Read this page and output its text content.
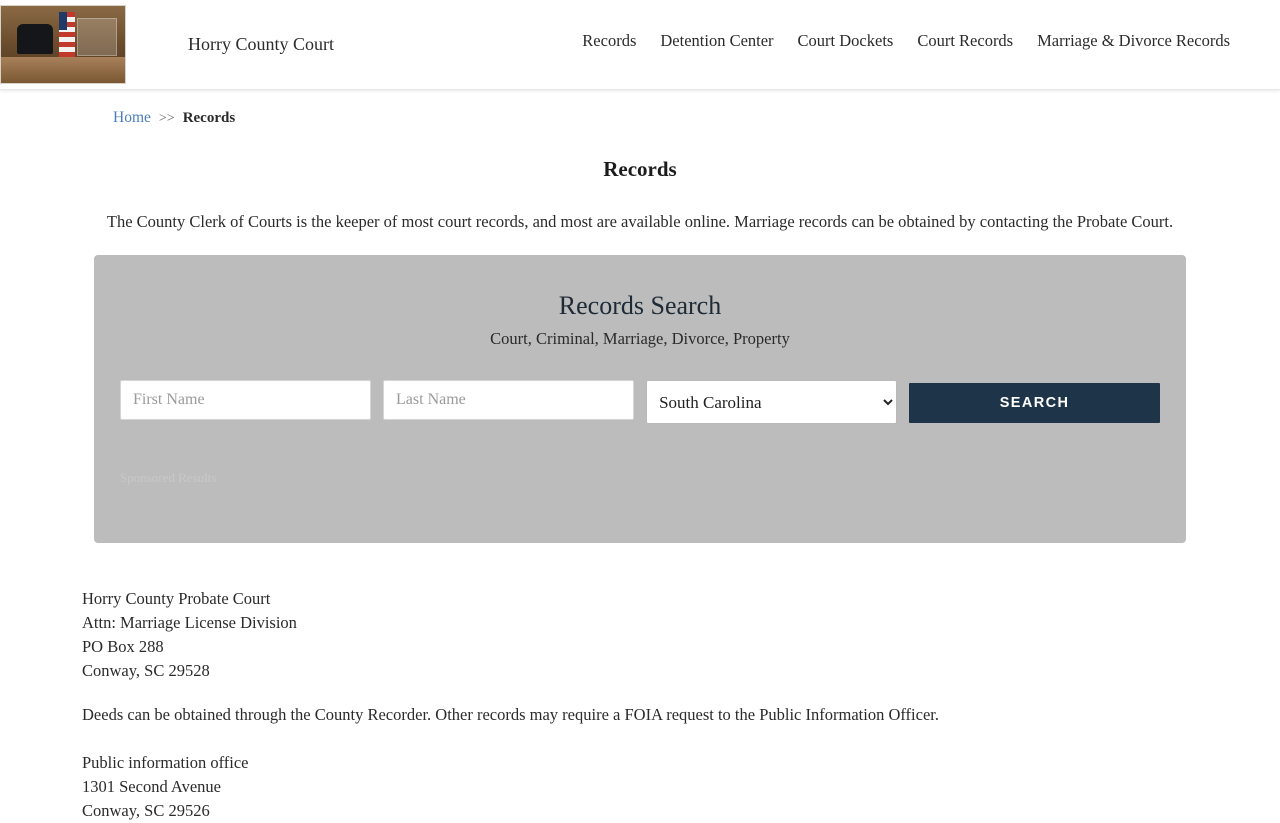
Horry County Court	Records Detention Center Court Dockets Court Records Marriage & Divorce Records
Home >> Records
Records

The County Clerk of Courts is the keeper of most court records, and most are available online. Marriage records can be obtained by contacting the Probate Court.

Records Search
Court, Criminal, Marriage, Divorce, Property
First Name
Last Name
South Carolina
SEARCH
Sponsored Results
Horry County Probate Court
Attn: Marriage License Division
PO Box 288
Conway, SC 29528

Deeds can be obtained through the County Recorder. Other records may require a FOIA request to the Public Information Officer.

Public information office
1301 Second Avenue
Conway, SC 29526
